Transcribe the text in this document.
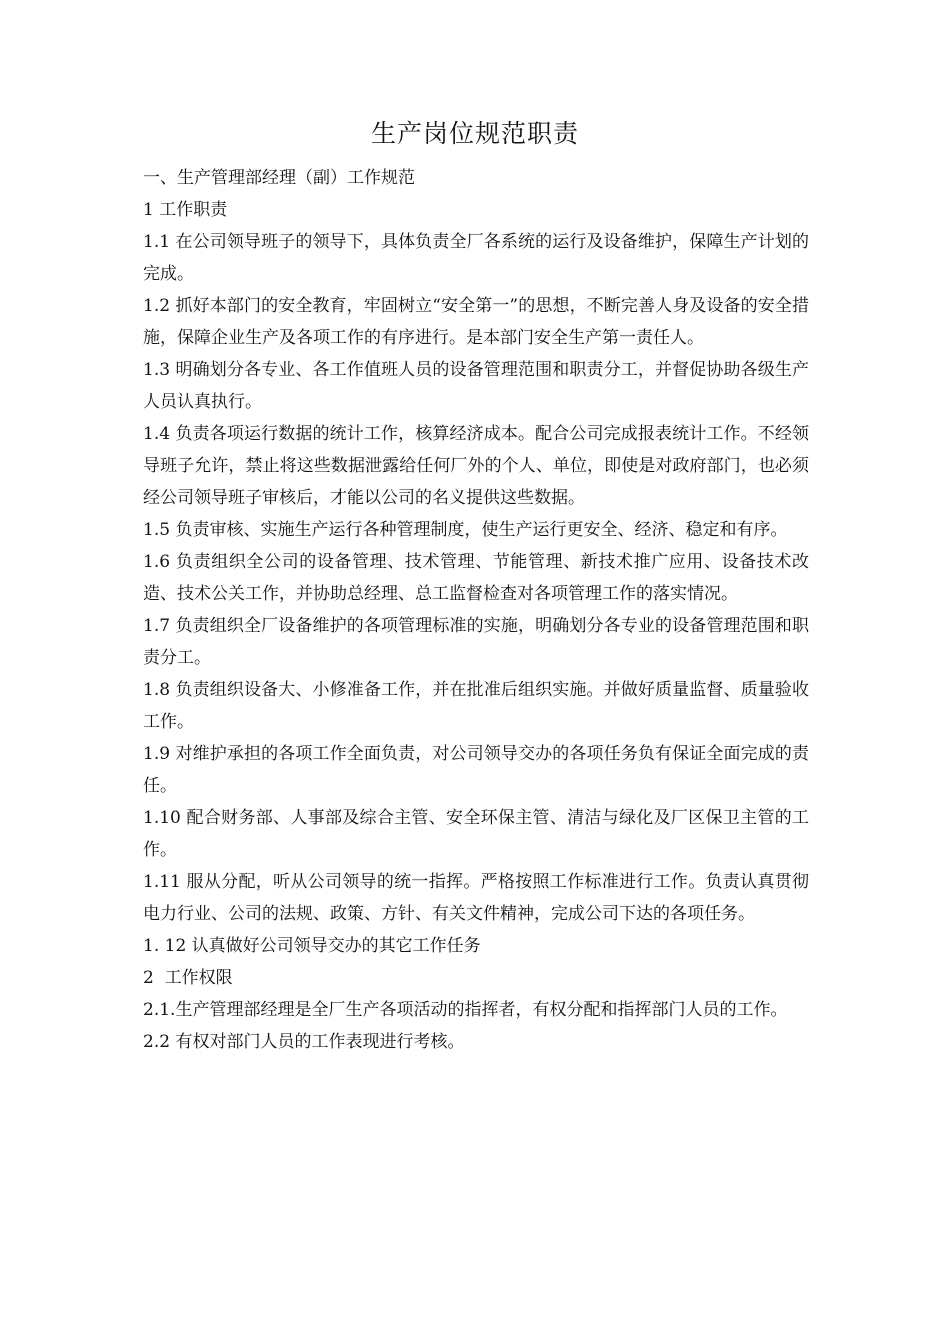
生产岗位规范职责

一、生产管理部经理（副）工作规范

1 工作职责

1.1 在公司领导班子的领导下，具体负责全厂各系统的运行及设备维护，保障生产计划的完成。

1.2 抓好本部门的安全教育，牢固树立“安全第一”的思想，不断完善人身及设备的安全措施，保障企业生产及各项工作的有序进行。是本部门安全生产第一责任人。

1.3 明确划分各专业、各工作值班人员的设备管理范围和职责分工，并督促协助各级生产人员认真执行。

1.4 负责各项运行数据的统计工作，核算经济成本。配合公司完成报表统计工作。不经领导班子允许，禁止将这些数据泄露给任何厂外的个人、单位，即使是对政府部门，也必须经公司领导班子审核后，才能以公司的名义提供这些数据。

1.5 负责审核、实施生产运行各种管理制度，使生产运行更安全、经济、稳定和有序。

1.6 负责组织全公司的设备管理、技术管理、节能管理、新技术推广应用、设备技术改造、技术公关工作，并协助总经理、总工监督检查对各项管理工作的落实情况。

1.7 负责组织全厂设备维护的各项管理标准的实施，明确划分各专业的设备管理范围和职责分工。

1.8 负责组织设备大、小修准备工作，并在批准后组织实施。并做好质量监督、质量验收工作。

1.9 对维护承担的各项工作全面负责，对公司领导交办的各项任务负有保证全面完成的责任。

1.10 配合财务部、人事部及综合主管、安全环保主管、清洁与绿化及厂区保卫主管的工作。

1.11 服从分配，听从公司领导的统一指挥。严格按照工作标准进行工作。负责认真贯彻电力行业、公司的法规、政策、方针、有关文件精神，完成公司下达的各项任务。

1. 12 认真做好公司领导交办的其它工作任务

2  工作权限

2.1.生产管理部经理是全厂生产各项活动的指挥者，有权分配和指挥部门人员的工作。

2.2 有权对部门人员的工作表现进行考核。
